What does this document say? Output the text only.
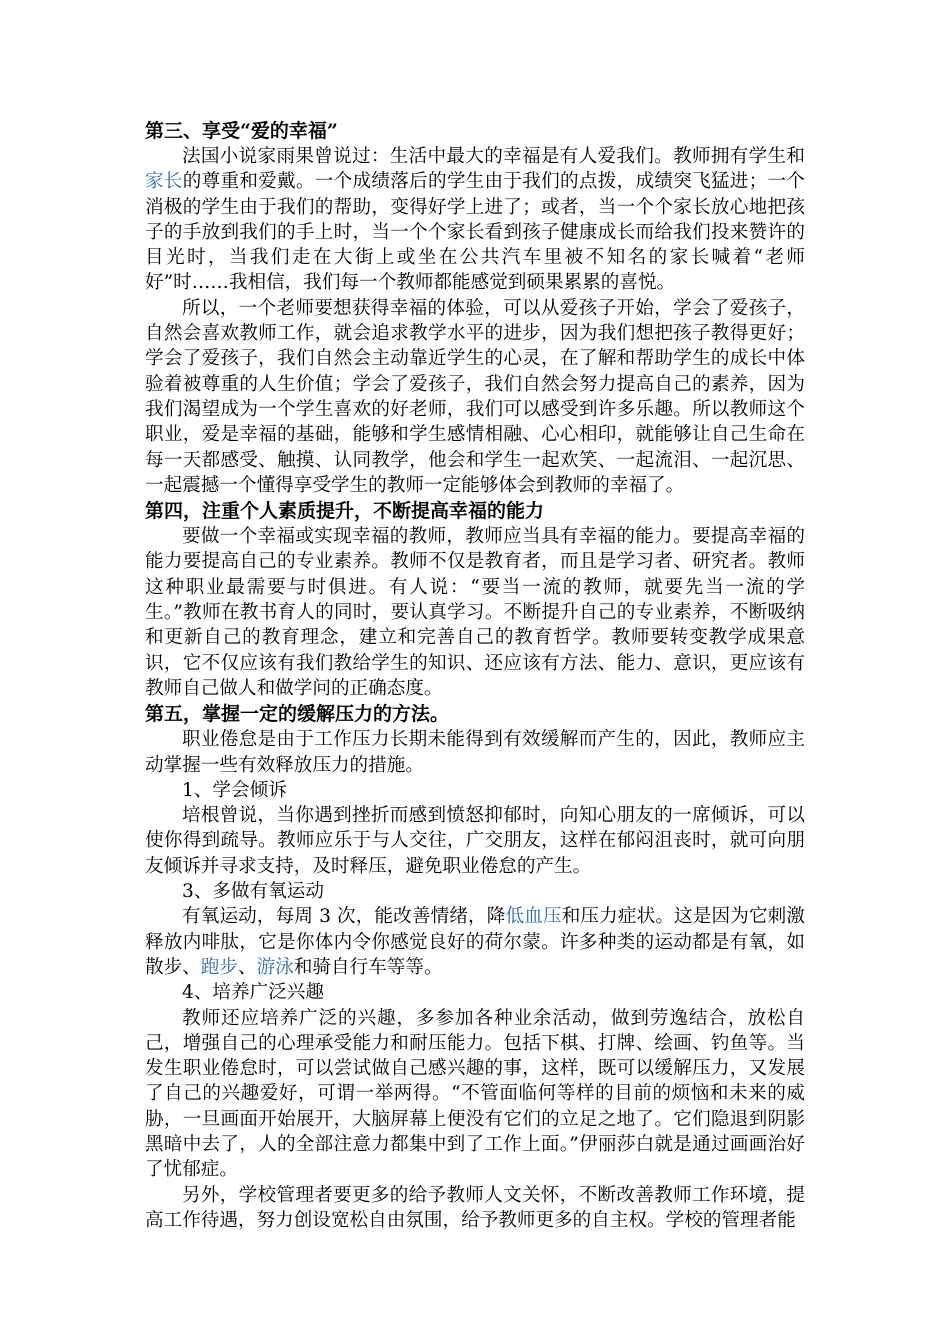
第三、享受“爱的幸福”

法国小说家雨果曾说过：生活中最大的幸福是有人爱我们。教师拥有学生和家长的尊重和爱戴。一个成绩落后的学生由于我们的点拨，成绩突飞猛进；一个消极的学生由于我们的帮助，变得好学上进了；或者，当一个个家长放心地把孩子的手放到我们的手上时，当一个个家长看到孩子健康成长而给我们投来赞许的目光时，当我们走在大街上或坐在公共汽车里被不知名的家长喊着“老师好”时……我相信，我们每一个教师都能感觉到硕果累累的喜悦。

所以，一个老师要想获得幸福的体验，可以从爱孩子开始，学会了爱孩子，自然会喜欢教师工作，就会追求教学水平的进步，因为我们想把孩子教得更好；学会了爱孩子，我们自然会主动靠近学生的心灵，在了解和帮助学生的成长中体验着被尊重的人生价值；学会了爱孩子，我们自然会努力提高自己的素养，因为我们渴望成为一个学生喜欢的好老师，我们可以感受到许多乐趣。所以教师这个职业，爱是幸福的基础，能够和学生感情相融、心心相印，就能够让自己生命在每一天都感受、触摸、认同教学，他会和学生一起欢笑、一起流泪、一起沉思、一起震撼一个懂得享受学生的教师一定能够体会到教师的幸福了。

第四，注重个人素质提升，不断提高幸福的能力

要做一个幸福或实现幸福的教师，教师应当具有幸福的能力。要提高幸福的能力要提高自己的专业素养。教师不仅是教育者，而且是学习者、研究者。教师这种职业最需要与时俱进。有人说：“要当一流的教师，就要先当一流的学生。”教师在教书育人的同时，要认真学习。不断提升自己的专业素养，不断吸纳和更新自己的教育理念，建立和完善自己的教育哲学。教师要转变教学成果意识，它不仅应该有我们教给学生的知识、还应该有方法、能力、意识，更应该有教师自己做人和做学问的正确态度。

第五，掌握一定的缓解压力的方法。

职业倦怠是由于工作压力长期未能得到有效缓解而产生的，因此，教师应主动掌握一些有效释放压力的措施。

1、学会倾诉

培根曾说，当你遇到挫折而感到愤怒抑郁时，向知心朋友的一席倾诉，可以使你得到疏导。教师应乐于与人交往，广交朋友，这样在郁闷沮丧时，就可向朋友倾诉并寻求支持，及时释压，避免职业倦怠的产生。

3、多做有氧运动

有氧运动，每周 3 次，能改善情绪，降低血压和压力症状。这是因为它刺激释放内啡肽，它是你体内令你感觉良好的荷尔蒙。许多种类的运动都是有氧，如散步、跑步、游泳和骑自行车等等。

4、培养广泛兴趣

教师还应培养广泛的兴趣，多参加各种业余活动，做到劳逸结合，放松自己，增强自己的心理承受能力和耐压能力。包括下棋、打牌、绘画、钓鱼等。当发生职业倦怠时，可以尝试做自己感兴趣的事，这样，既可以缓解压力，又发展了自己的兴趣爱好，可谓一举两得。“不管面临何等样的目前的烦恼和未来的威胁，一旦画面开始展开，大脑屏幕上便没有它们的立足之地了。它们隐退到阴影黑暗中去了，人的全部注意力都集中到了工作上面。”伊丽莎白就是通过画画治好了忧郁症。

另外，学校管理者要更多的给予教师人文关怀，不断改善教师工作环境，提高工作待遇，努力创设宽松自由氛围，给予教师更多的自主权。学校的管理者能
